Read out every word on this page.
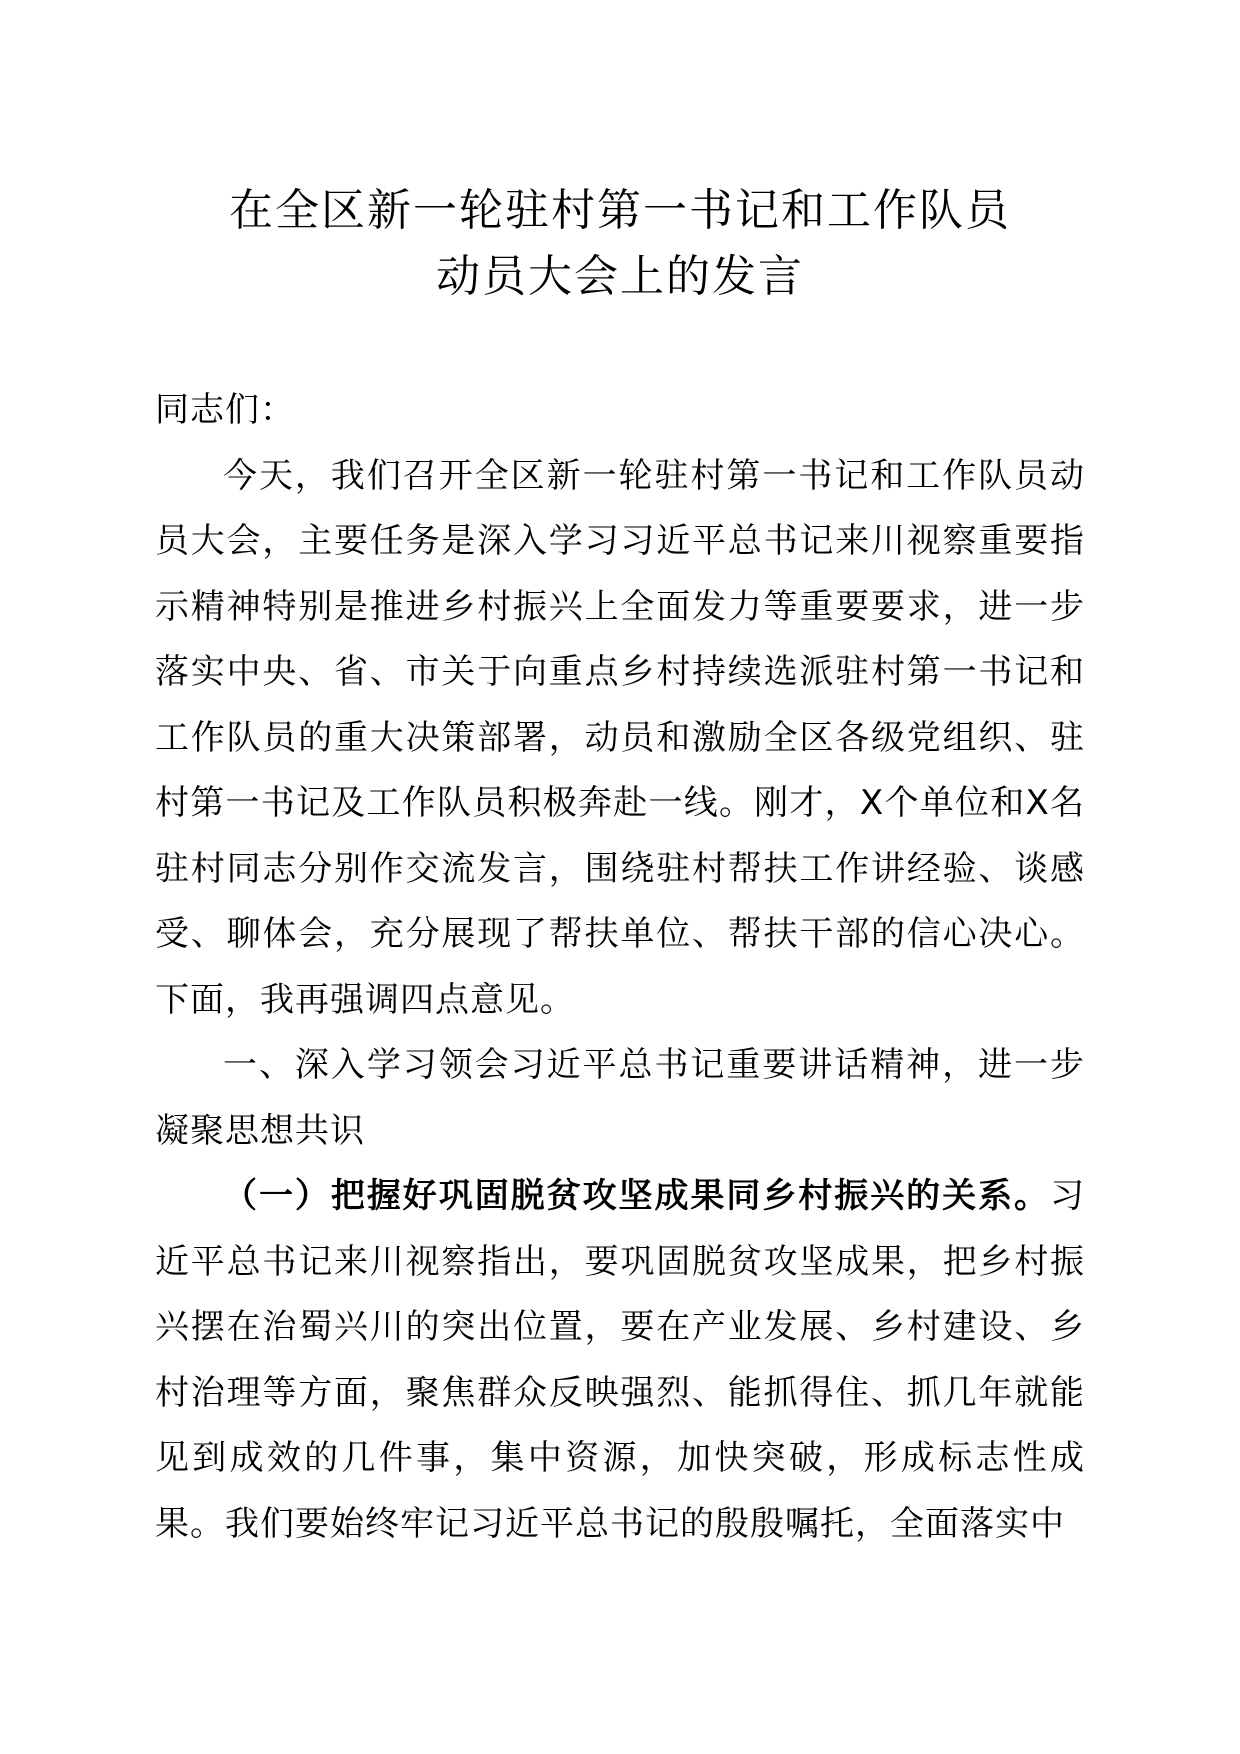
在全区新一轮驻村第一书记和工作队员
动员大会上的发言

同志们：

今天，我们召开全区新一轮驻村第一书记和工作队员动员大会，主要任务是深入学习习近平总书记来川视察重要指示精神特别是推进乡村振兴上全面发力等重要要求，进一步落实中央、省、市关于向重点乡村持续选派驻村第一书记和工作队员的重大决策部署，动员和激励全区各级党组织、驻村第一书记及工作队员积极奔赴一线。刚才，X个单位和X名驻村同志分别作交流发言，围绕驻村帮扶工作讲经验、谈感受、聊体会，充分展现了帮扶单位、帮扶干部的信心决心。下面，我再强调四点意见。

一、深入学习领会习近平总书记重要讲话精神，进一步凝聚思想共识

（一）把握好巩固脱贫攻坚成果同乡村振兴的关系。习近平总书记来川视察指出，要巩固脱贫攻坚成果，把乡村振兴摆在治蜀兴川的突出位置，要在产业发展、乡村建设、乡村治理等方面，聚焦群众反映强烈、能抓得住、抓几年就能见到成效的几件事，集中资源，加快突破，形成标志性成果。我们要始终牢记习近平总书记的殷殷嘱托，全面落实中
